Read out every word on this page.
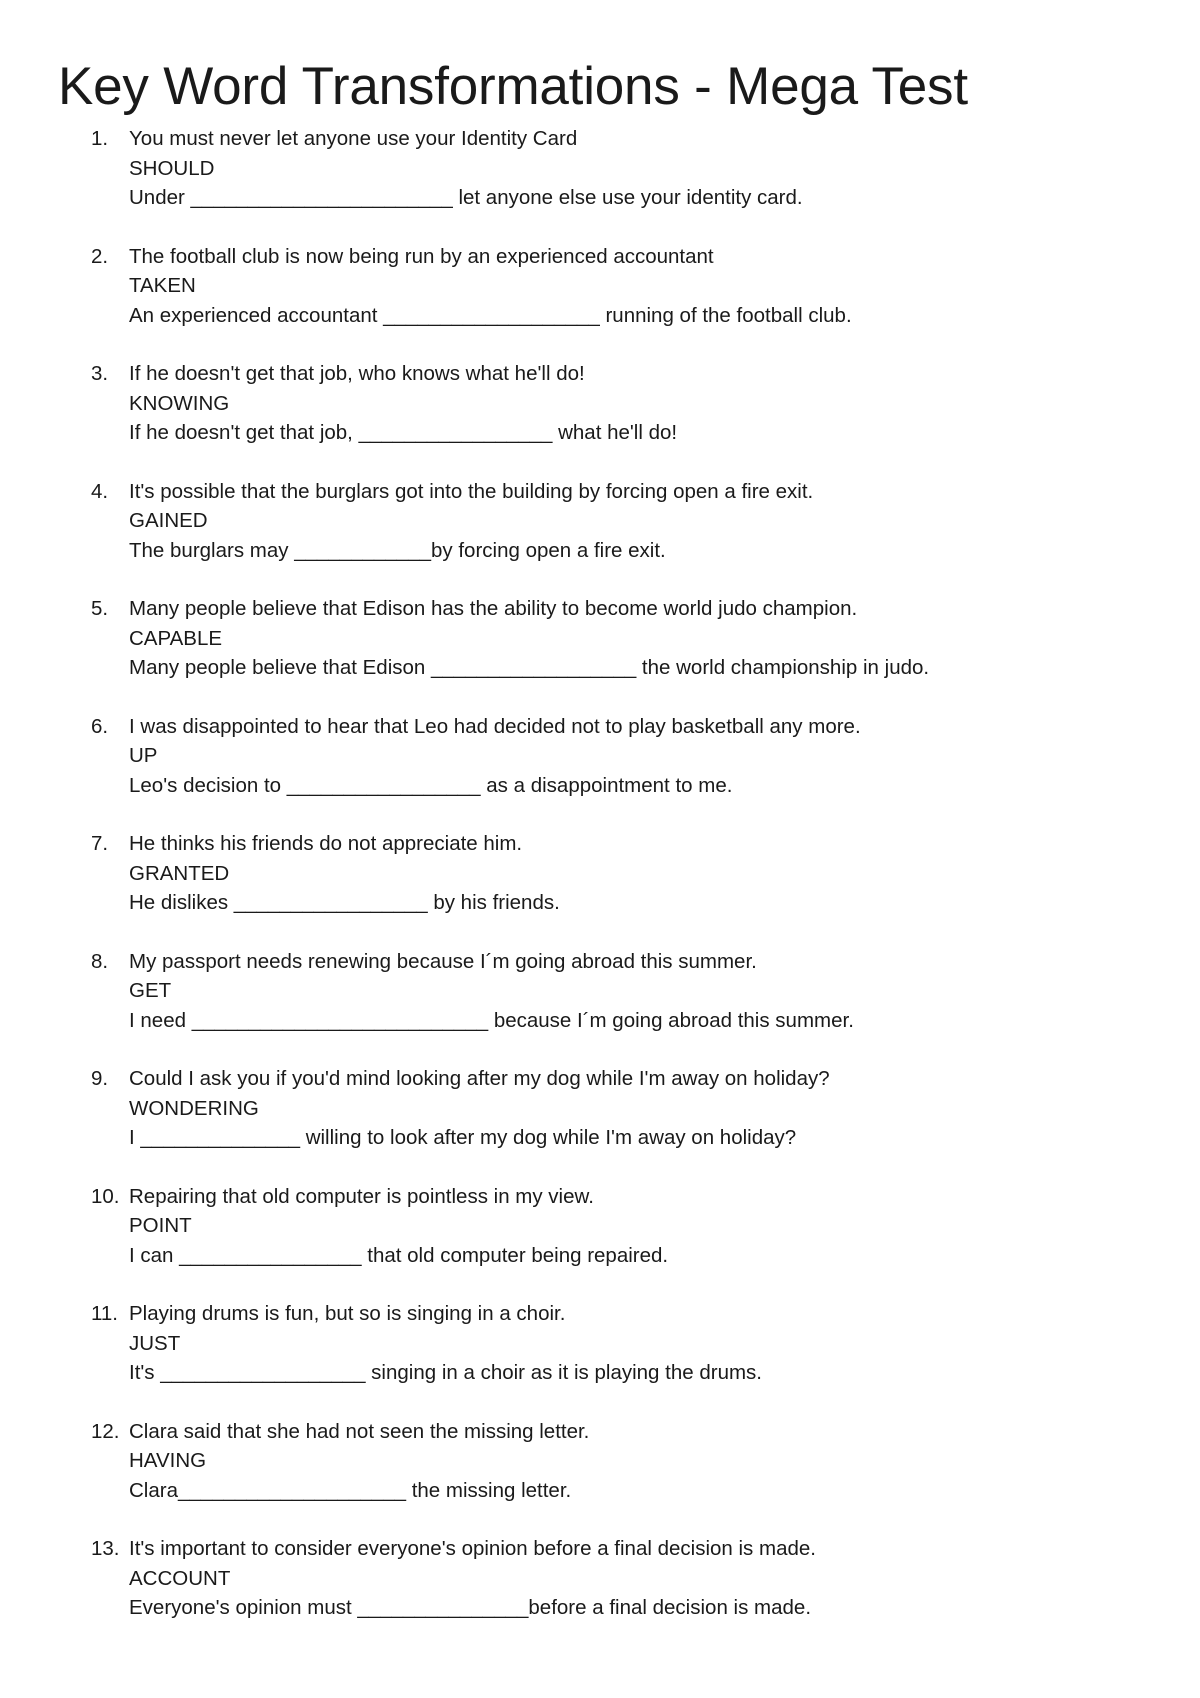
Key Word Transformations - Mega Test
1.	You must never let anyone use your Identity Card
SHOULD
Under _______________________ let anyone else use your identity card.
2.	The football club is now being run by an experienced accountant
TAKEN
An experienced accountant ___________________ running of the football club.
3.	If he doesn't get that job, who knows what he'll do!
KNOWING
If he doesn't get that job, _________________ what he'll do!
4.	It's possible that the burglars got into the building by forcing open a fire exit.
GAINED
The burglars may ____________by forcing open a fire exit.
5.	Many people believe that Edison has the ability to become world judo champion.
CAPABLE
Many people believe that Edison __________________ the world championship in judo.
6.	I was disappointed to hear that Leo had decided not to play basketball any more.
UP
Leo's decision to _________________ as a disappointment to me.
7.	He thinks his friends do not appreciate him.
GRANTED
He dislikes _________________ by his friends.
8.	My passport needs renewing because I´m going abroad this summer.
GET
I need __________________________ because I´m going abroad this summer.
9.	Could I ask you if you'd mind looking after my dog while I'm away on holiday?
WONDERING
I ______________ willing to look after my dog while I'm away on holiday?
10. Repairing that old computer is pointless in my view.
POINT
I can ________________ that old computer being repaired.
11. Playing drums is fun, but so is singing in a choir.
JUST
It's __________________ singing in a choir as it is playing the drums.
12. Clara said that she had not seen the missing letter.
HAVING
Clara____________________ the missing letter.
13. It's important to consider everyone's opinion before a final decision is made.
ACCOUNT
Everyone's opinion must _______________before a final decision is made.
